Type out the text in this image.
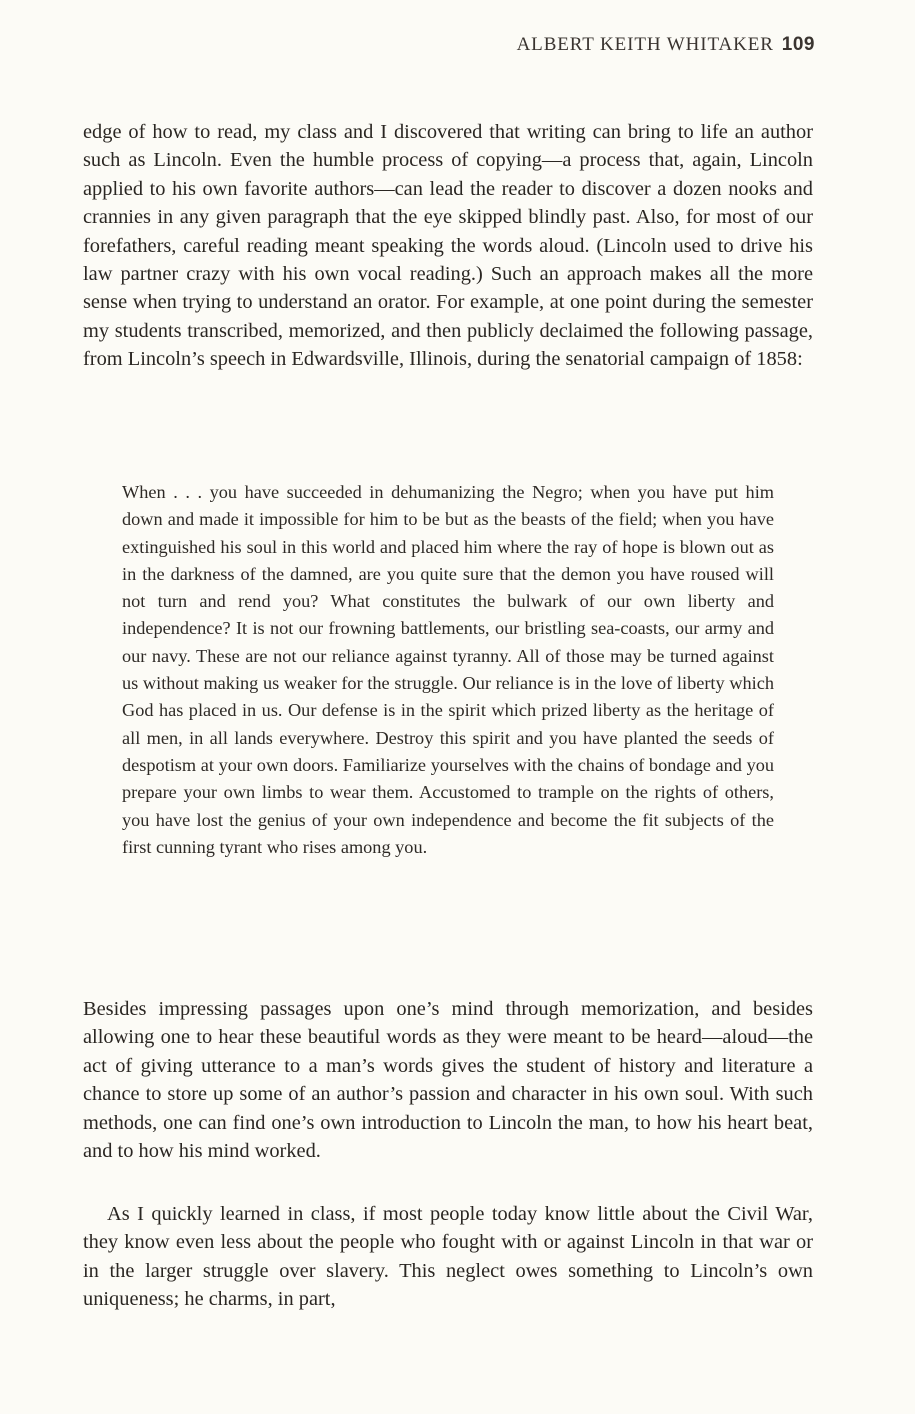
ALBERT KEITH WHITAKER 109

edge of how to read, my class and I discovered that writing can bring to life an author such as Lincoln. Even the humble process of copying—a process that, again, Lincoln applied to his own favorite authors—can lead the reader to discover a dozen nooks and crannies in any given paragraph that the eye skipped blindly past. Also, for most of our forefathers, careful reading meant speaking the words aloud. (Lincoln used to drive his law partner crazy with his own vocal reading.) Such an approach makes all the more sense when trying to understand an orator. For example, at one point during the semester my students transcribed, memorized, and then publicly declaimed the following passage, from Lincoln’s speech in Edwardsville, Illinois, during the senatorial campaign of 1858:

When . . . you have succeeded in dehumanizing the Negro; when you have put him down and made it impossible for him to be but as the beasts of the field; when you have extinguished his soul in this world and placed him where the ray of hope is blown out as in the darkness of the damned, are you quite sure that the demon you have roused will not turn and rend you? What constitutes the bulwark of our own liberty and independence? It is not our frowning battlements, our bristling sea-coasts, our army and our navy. These are not our reliance against tyranny. All of those may be turned against us without making us weaker for the struggle. Our reliance is in the love of liberty which God has placed in us. Our defense is in the spirit which prized liberty as the heritage of all men, in all lands everywhere. Destroy this spirit and you have planted the seeds of despotism at your own doors. Familiarize yourselves with the chains of bondage and you prepare your own limbs to wear them. Accustomed to trample on the rights of others, you have lost the genius of your own independence and become the fit subjects of the first cunning tyrant who rises among you.

Besides impressing passages upon one’s mind through memorization, and besides allowing one to hear these beautiful words as they were meant to be heard—aloud—the act of giving utterance to a man’s words gives the student of history and literature a chance to store up some of an author’s passion and character in his own soul. With such methods, one can find one’s own introduction to Lincoln the man, to how his heart beat, and to how his mind worked.

As I quickly learned in class, if most people today know little about the Civil War, they know even less about the people who fought with or against Lincoln in that war or in the larger struggle over slavery. This neglect owes something to Lincoln’s own uniqueness; he charms, in part,
